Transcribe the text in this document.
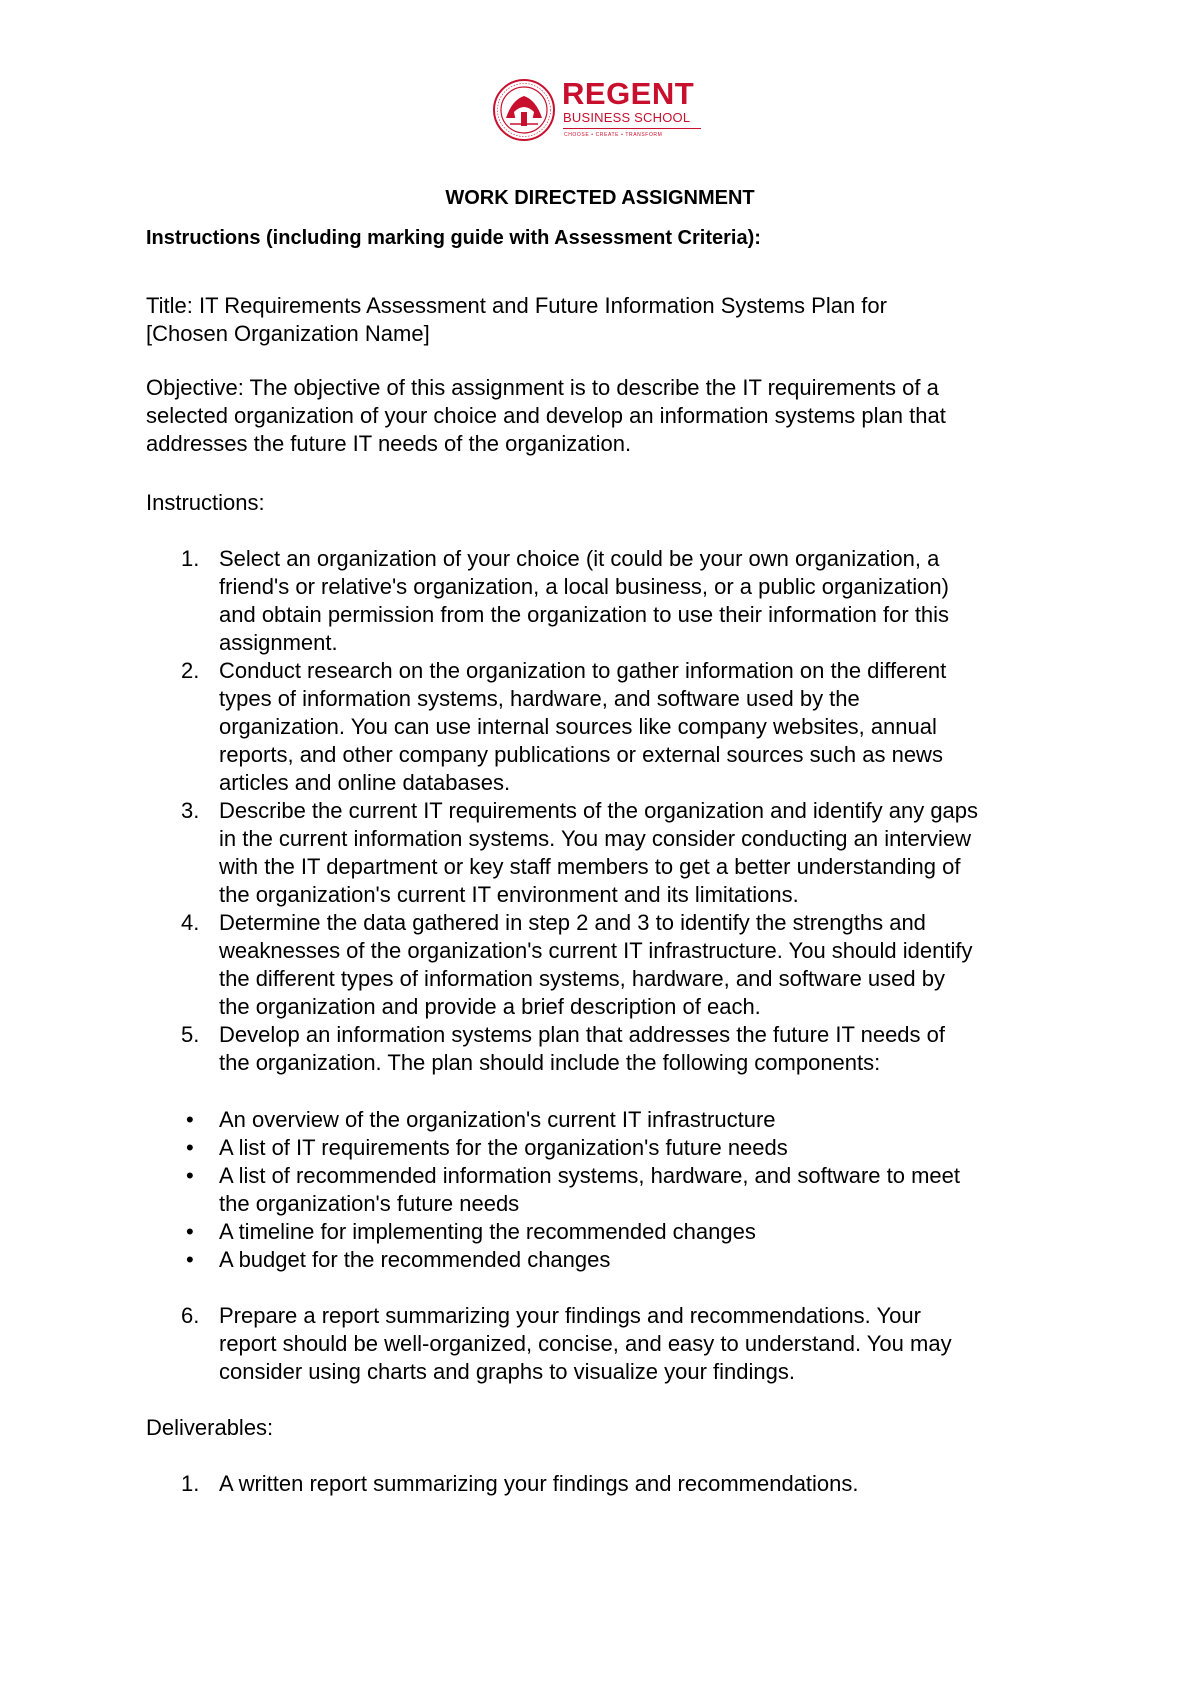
REGENT
BUSINESS SCHOOL
CHOOSE • CREATE • TRANSFORM
WORK DIRECTED ASSIGNMENT
Instructions (including marking guide with Assessment Criteria):
Title: IT Requirements Assessment and Future Information Systems Plan for
[Chosen Organization Name]
Objective: The objective of this assignment is to describe the IT requirements of a
selected organization of your choice and develop an information systems plan that
addresses the future IT needs of the organization.
Instructions:
1. Select an organization of your choice (it could be your own organization, a
friend's or relative's organization, a local business, or a public organization)
and obtain permission from the organization to use their information for this
assignment.
2. Conduct research on the organization to gather information on the different
types of information systems, hardware, and software used by the
organization. You can use internal sources like company websites, annual
reports, and other company publications or external sources such as news
articles and online databases.
3. Describe the current IT requirements of the organization and identify any gaps
in the current information systems. You may consider conducting an interview
with the IT department or key staff members to get a better understanding of
the organization's current IT environment and its limitations.
4. Determine the data gathered in step 2 and 3 to identify the strengths and
weaknesses of the organization's current IT infrastructure. You should identify
the different types of information systems, hardware, and software used by
the organization and provide a brief description of each.
5. Develop an information systems plan that addresses the future IT needs of
the organization. The plan should include the following components:
• An overview of the organization's current IT infrastructure
• A list of IT requirements for the organization's future needs
• A list of recommended information systems, hardware, and software to meet
the organization's future needs
• A timeline for implementing the recommended changes
• A budget for the recommended changes
6. Prepare a report summarizing your findings and recommendations. Your
report should be well-organized, concise, and easy to understand. You may
consider using charts and graphs to visualize your findings.
Deliverables:
1. A written report summarizing your findings and recommendations.
